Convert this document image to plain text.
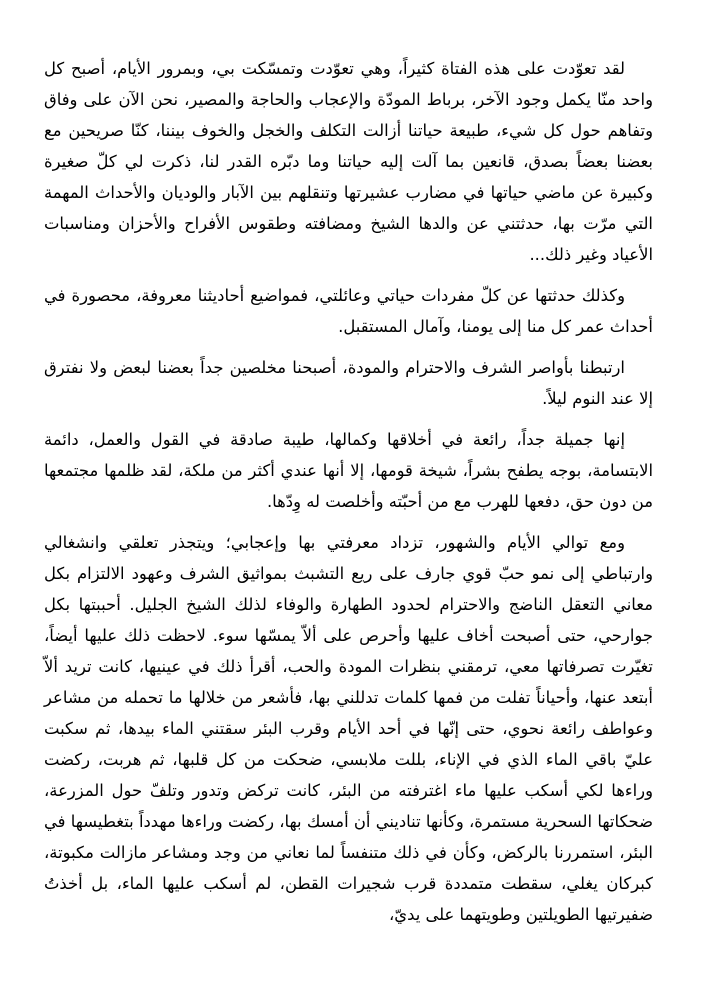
لقد تعوّدت على هذه الفتاة كثيراً، وهي تعوّدت وتمسّكت بي، وبمرور الأيام، أصبح كل واحد منّا يكمل وجود الآخر، برباط المودّة والإعجاب والحاجة والمصير، نحن الآن على وفاق وتفاهم حول كل شيء، طبيعة حياتنا أزالت التكلف والخجل والخوف بيننا، كنّا صريحين مع بعضنا بعضاً بصدق، قانعين بما آلت إليه حياتنا وما دبّره القدر لنا، ذكرت لي كلّ صغيرة وكبيرة عن ماضي حياتها في مضارب عشيرتها وتنقلهم بين الآبار والوديان والأحداث المهمة التي مرّت بها، حدثتني عن والدها الشيخ ومضافته وطقوس الأفراح والأحزان ومناسبات الأعياد وغير ذلك...

وكذلك حدثتها عن كلّ مفردات حياتي وعائلتي، فمواضيع أحاديثنا معروفة، محصورة في أحداث عمر كل منا إلى يومنا، وآمال المستقبل.

ارتبطنا بأواصر الشرف والاحترام والمودة، أصبحنا مخلصين جداً بعضنا لبعض ولا نفترق إلا عند النوم ليلاً.

إنها جميلة جداً، رائعة في أخلاقها وكمالها، طيبة صادقة في القول والعمل، دائمة الابتسامة، بوجه يطفح بشراً، شيخة قومها، إلا أنها عندي أكثر من ملكة، لقد ظلمها مجتمعها من دون حق، دفعها للهرب مع من أحبّته وأخلصت له وِدّها.

ومع توالي الأيام والشهور، تزداد معرفتي بها وإعجابي؛ ويتجذر تعلقي وانشغالي وارتباطي إلى نمو حبّ قوي جارف على ريع التشبث بمواثيق الشرف وعهود الالتزام بكل معاني التعقل الناضج والاحترام لحدود الطهارة والوفاء لذلك الشيخ الجليل. أحببتها بكل جوارحي، حتى أصبحت أخاف عليها وأحرص على ألاّ يمسّها سوء. لاحظت ذلك عليها أيضاً، تغيّرت تصرفاتها معي، ترمقني بنظرات المودة والحب، أقرأ ذلك في عينيها، كانت تريد ألاّ أبتعد عنها، وأحياناً تفلت من فمها كلمات تدللني بها، فأشعر من خلالها ما تحمله من مشاعر وعواطف رائعة نحوي، حتى إنّها في أحد الأيام وقرب البئر سقتني الماء بيدها، ثم سكبت عليّ باقي الماء الذي في الإناء، بللت ملابسي، ضحكت من كل قلبها، ثم هربت، ركضت وراءها لكي أسكب عليها ماء اغترفته من البئر، كانت تركض وتدور وتلفّ حول المزرعة، ضحكاتها السحرية مستمرة، وكأنها تناديني أن أمسك بها، ركضت وراءها مهدداً بتغطيسها في البئر، استمررنا بالركض، وكأن في ذلك متنفساً لما نعاني من وجد ومشاعر مازالت مكبوتة، كبركان يغلي، سقطت متمددة قرب شجيرات القطن، لم أسكب عليها الماء، بل أخذتُ ضفيرتيها الطويلتين وطويتهما على يديّ،
